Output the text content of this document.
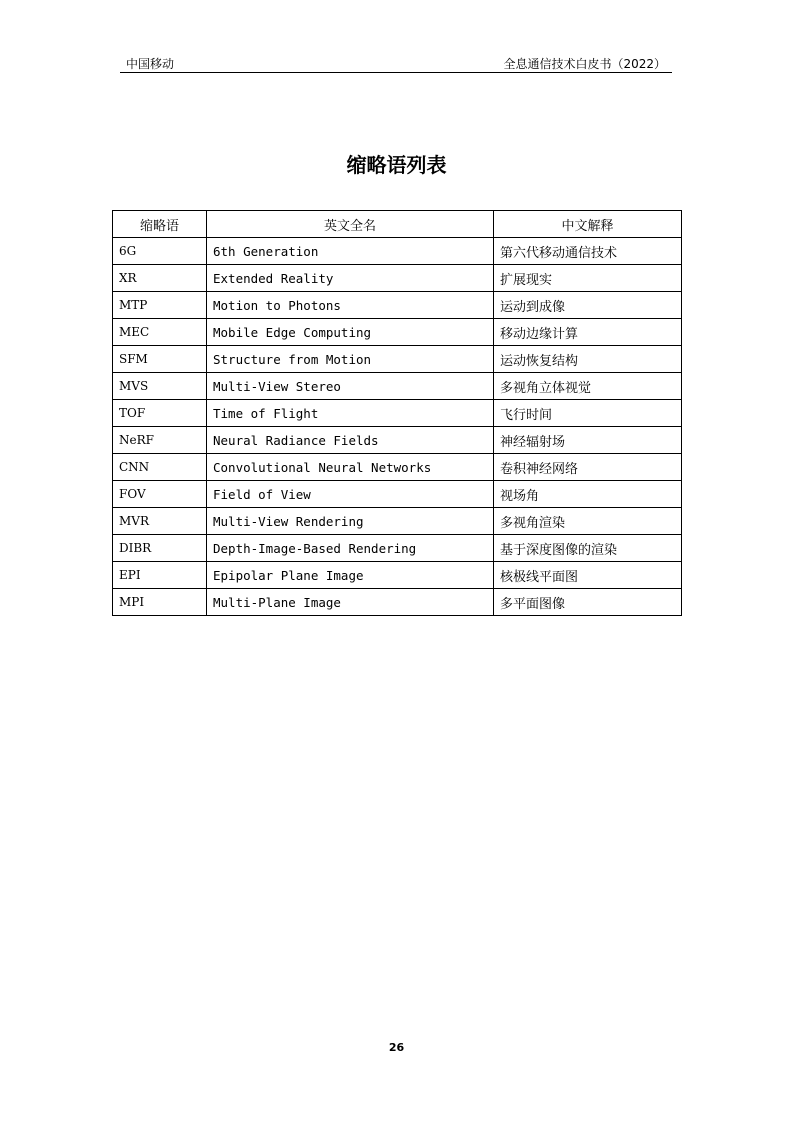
中国移动	全息通信技术白皮书（2022）
缩略语列表
缩略语	英文全名	中文解释
6G	6th Generation	第六代移动通信技术
XR	Extended Reality	扩展现实
MTP	Motion to Photons	运动到成像
MEC	Mobile Edge Computing	移动边缘计算
SFM	Structure from Motion	运动恢复结构
MVS	Multi-View Stereo	多视角立体视觉
TOF	Time of Flight	飞行时间
NeRF	Neural Radiance Fields	神经辐射场
CNN	Convolutional Neural Networks	卷积神经网络
FOV	Field of View	视场角
MVR	Multi-View Rendering	多视角渲染
DIBR	Depth-Image-Based Rendering	基于深度图像的渲染
EPI	Epipolar Plane Image	核极线平面图
MPI	Multi-Plane Image	多平面图像
26
